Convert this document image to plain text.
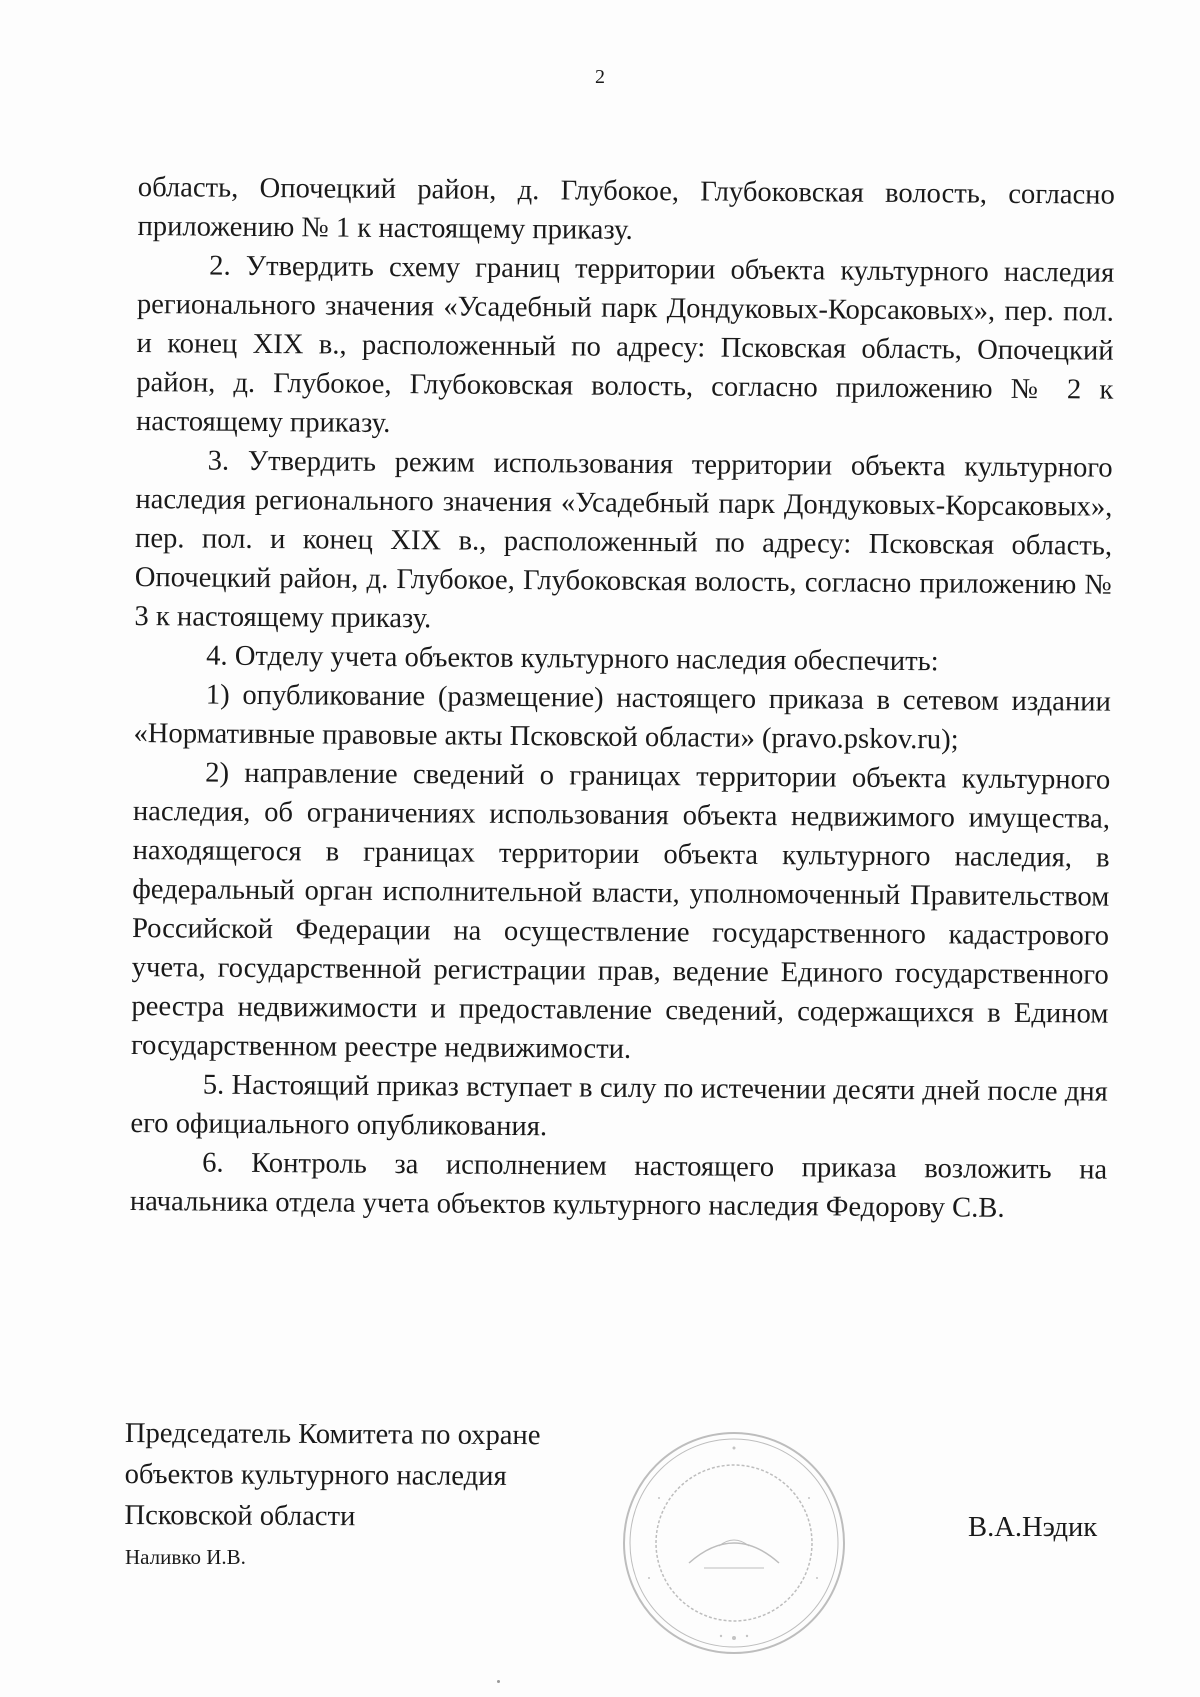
2

область, Опочецкий район, д. Глубокое, Глубоковская волость, согласно приложению № 1 к настоящему приказу.

2. Утвердить схему границ территории объекта культурного наследия регионального значения «Усадебный парк Дондуковых-Корсаковых», пер. пол. и конец XIX в., расположенный по адресу: Псковская область, Опочецкий район, д. Глубокое, Глубоковская волость, согласно приложению № 2 к настоящему приказу.

3. Утвердить режим использования территории объекта культурного наследия регионального значения «Усадебный парк Дондуковых-Корсаковых», пер. пол. и конец XIX в., расположенный по адресу: Псковская область, Опочецкий район, д. Глубокое, Глубоковская волость, согласно приложению № 3 к настоящему приказу.

4. Отделу учета объектов культурного наследия обеспечить:

1) опубликование (размещение) настоящего приказа в сетевом издании «Нормативные правовые акты Псковской области» (pravo.pskov.ru);

2) направление сведений о границах территории объекта культурного наследия, об ограничениях использования объекта недвижимого имущества, находящегося в границах территории объекта культурного наследия, в федеральный орган исполнительной власти, уполномоченный Правительством Российской Федерации на осуществление государственного кадастрового учета, государственной регистрации прав, ведение Единого государственного реестра недвижимости и предоставление сведений, содержащихся в Едином государственном реестре недвижимости.

5. Настоящий приказ вступает в силу по истечении десяти дней после дня его официального опубликования.

6. Контроль за исполнением настоящего приказа возложить на начальника отдела учета объектов культурного наследия Федорову С.В.

Председатель Комитета по охране
объектов культурного наследия
Псковской области
Наливко И.В.
В.А.Нэдик
